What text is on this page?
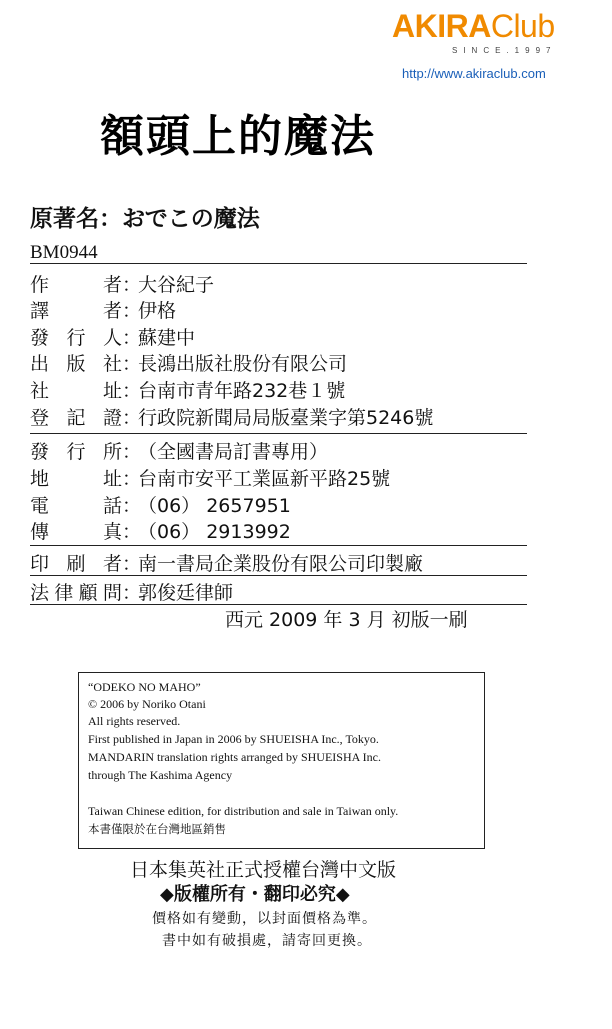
AKIRAClub
SINCE.1997
http://www.akiraclub.com
額頭上的魔法
原著名：おでこの魔法
BM0944
作者 ：
大谷紀子
譯者 ：
伊格
發行人 ：
蘇建中
出版社 ：
長鴻出版社股份有限公司
社址 ：
台南市青年路232巷１號
登記證 ：
行政院新聞局局版臺業字第5246號
發行所 ：
（全國書局訂書專用）
地址 ：
台南市安平工業區新平路25號
電話 ：
（06） 2657951
傳真 ：
（06） 2913992
印刷者 ：
南一書局企業股份有限公司印製廠
法律顧問 ：
郭俊廷律師
西元 2009 年 3 月 初版一刷
“ODEKO NO MAHO”
© 2006 by Noriko Otani
All rights reserved.
First published in Japan in 2006 by SHUEISHA Inc., Tokyo.
MANDARIN translation rights arranged by SHUEISHA Inc.
through The Kashima Agency
Taiwan Chinese edition, for distribution and sale in Taiwan only.
本書僅限於在台灣地區銷售
日本集英社正式授權台灣中文版
◆版權所有・翻印必究◆
價格如有變動，以封面價格為準。
書中如有破損處，請寄回更換。
